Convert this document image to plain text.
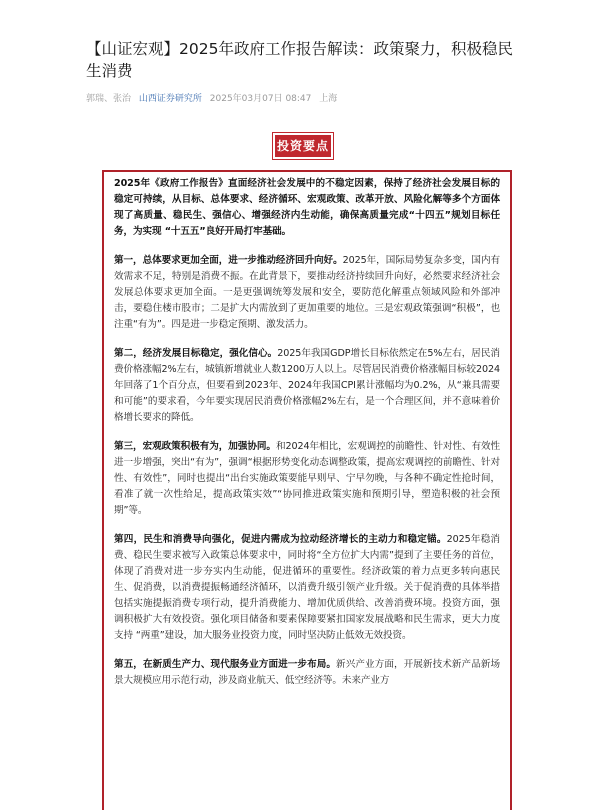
【山证宏观】2025年政府工作报告解读：政策聚力，积极稳民生消费
郭瑞、张治 山西证券研究所 2025年03月07日 08:47 上海
投资要点

2025年《政府工作报告》直面经济社会发展中的不稳定因素，保持了经济社会发展目标的稳定可持续，从目标、总体要求、经济循环、宏观政策、改革开放、风险化解等多个方面体现了高质量、稳民生、强信心、增强经济内生动能，确保高质量完成“十四五”规划目标任务，为实现 “十五五”良好开局打牢基础。

第一，总体要求更加全面，进一步推动经济回升向好。2025年，国际局势复杂多变，国内有效需求不足，特别是消费不振。在此背景下，要推动经济持续回升向好，必然要求经济社会发展总体要求更加全面。一是更强调统筹发展和安全，要防范化解重点领域风险和外部冲击，要稳住楼市股市；二是扩大内需放到了更加重要的地位。三是宏观政策强调“积极”，也注重“有为”。四是进一步稳定预期、激发活力。

第二，经济发展目标稳定，强化信心。2025年我国GDP增长目标依然定在5%左右，居民消费价格涨幅2%左右，城镇新增就业人数1200万人以上。尽管居民消费价格涨幅目标较2024年回落了1个百分点，但要看到2023年、2024年我国CPI累计涨幅均为0.2%，从“兼具需要和可能”的要求看，今年要实现居民消费价格涨幅2%左右，是一个合理区间，并不意味着价格增长要求的降低。

第三，宏观政策积极有为，加强协同。和2024年相比，宏观调控的前瞻性、针对性、有效性进一步增强，突出“有为”，强调“根据形势变化动态调整政策，提高宏观调控的前瞻性、针对性、有效性”，同时也提出“出台实施政策要能早则早、宁早勿晚，与各种不确定性抢时间，看准了就一次性给足，提高政策实效”“协同推进政策实施和预期引导，塑造积极的社会预期”等。

第四，民生和消费导向强化，促进内需成为拉动经济增长的主动力和稳定锚。2025年稳消费、稳民生要求被写入政策总体要求中，同时将“全方位扩大内需”提到了主要任务的首位，体现了消费对进一步夯实内生动能，促进循环的重要性。经济政策的着力点更多转向惠民生、促消费，以消费提振畅通经济循环，以消费升级引领产业升级。关于促消费的具体举措包括实施提振消费专项行动，提升消费能力、增加优质供给、改善消费环境。投资方面，强调积极扩大有效投资。强化项目储备和要素保障要紧扣国家发展战略和民生需求，更大力度支持 “两重”建设，加大服务业投资力度，同时坚决防止低效无效投资。

第五，在新质生产力、现代服务业方面进一步布局。新兴产业方面，开展新技术新产品新场景大规模应用示范行动，涉及商业航天、低空经济等。未来产业方
